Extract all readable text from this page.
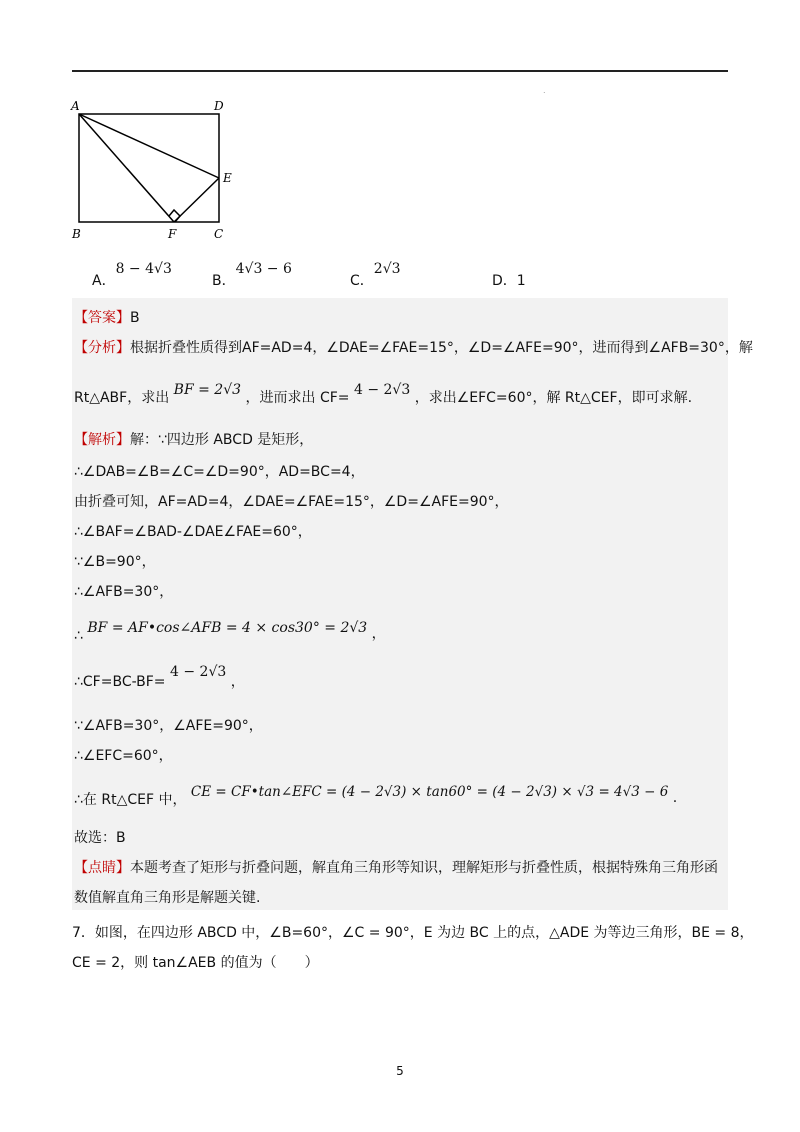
.
A	D
E
B	F	C
A．8 − 4√3
B．4√3 − 6
C．2√3
D．1
【答案】B
【分析】根据折叠性质得到AF=AD=4，∠DAE=∠FAE=15°，∠D=∠AFE=90°，进而得到∠AFB=30°，解
Rt△ABF，求出 BF = 2√3 ，进而求出 CF= 4 − 2√3 ，求出∠EFC=60°，解 Rt△CEF，即可求解.
【解析】解：∵四边形 ABCD 是矩形，
∴∠DAB=∠B=∠C=∠D=90°，AD=BC=4，
由折叠可知，AF=AD=4，∠DAE=∠FAE=15°，∠D=∠AFE=90°，
∴∠BAF=∠BAD-∠DAE∠FAE=60°，
∵∠B=90°，
∴∠AFB=30°，
∴ BF = AF•cos∠AFB = 4 × cos30° = 2√3 ，
∴CF=BC-BF= 4 − 2√3 ，
∵∠AFB=30°，∠AFE=90°，
∴∠EFC=60°，
∴在 Rt△CEF 中， CE = CF•tan∠EFC = (4 − 2√3) × tan60° = (4 − 2√3) × √3 = 4√3 − 6 .
故选：B
【点睛】本题考查了矩形与折叠问题，解直角三角形等知识，理解矩形与折叠性质，根据特殊角三角形函
数值解直角三角形是解题关键.
7．如图，在四边形 ABCD 中，∠B=60°，∠C = 90°，E 为边 BC 上的点，△ADE 为等边三角形，BE = 8，
CE = 2，则 tan∠AEB 的值为（　　）
5
